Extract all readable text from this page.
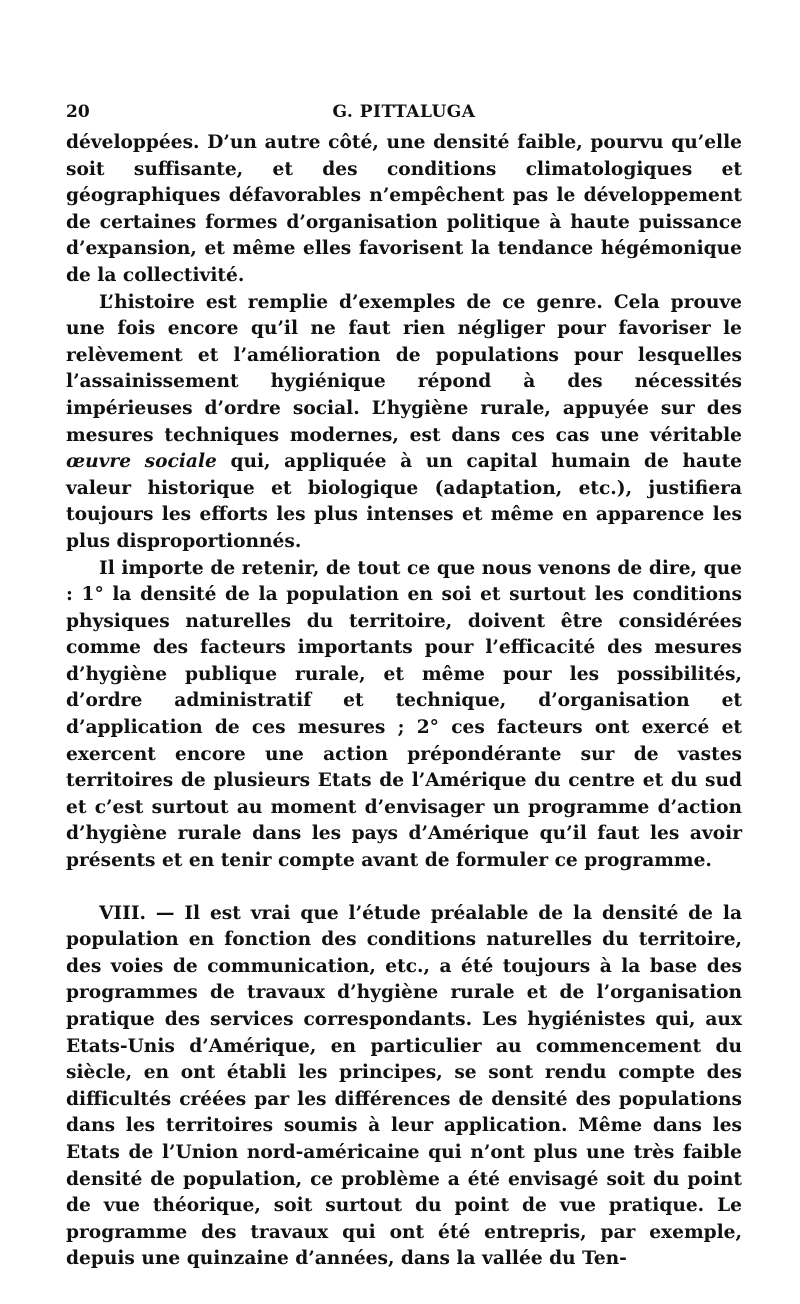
20	G. PITTALUGA

développées. D’un autre côté, une densité faible, pourvu qu’elle soit suffisante, et des conditions climatologiques et géographiques défavorables n’empêchent pas le développement de certaines formes d’organisation politique à haute puissance d’expansion, et même elles favorisent la tendance hégémonique de la collectivité.

L’histoire est remplie d’exemples de ce genre. Cela prouve une fois encore qu’il ne faut rien négliger pour favoriser le relèvement et l’amélioration de populations pour lesquelles l’assainissement hygiénique répond à des nécessités impérieuses d’ordre social. L’hygiène rurale, appuyée sur des mesures techniques modernes, est dans ces cas une véritable œuvre sociale qui, appliquée à un capital humain de haute valeur historique et biologique (adaptation, etc.), justifiera toujours les efforts les plus intenses et même en apparence les plus disproportionnés.

Il importe de retenir, de tout ce que nous venons de dire, que : 1° la densité de la population en soi et surtout les conditions physiques naturelles du territoire, doivent être considérées comme des facteurs importants pour l’efficacité des mesures d’hygiène publique rurale, et même pour les possibilités, d’ordre administratif et technique, d’organisation et d’application de ces mesures ; 2° ces facteurs ont exercé et exercent encore une action prépondérante sur de vastes territoires de plusieurs Etats de l’Amérique du centre et du sud et c’est surtout au moment d’envisager un programme d’action d’hygiène rurale dans les pays d’Amérique qu’il faut les avoir présents et en tenir compte avant de formuler ce programme.

VIII. — Il est vrai que l’étude préalable de la densité de la population en fonction des conditions naturelles du territoire, des voies de communication, etc., a été toujours à la base des programmes de travaux d’hygiène rurale et de l’organisation pratique des services correspondants. Les hygiénistes qui, aux Etats-Unis d’Amérique, en particulier au commencement du siècle, en ont établi les principes, se sont rendu compte des difficultés créées par les différences de densité des populations dans les territoires soumis à leur application. Même dans les Etats de l’Union nord-américaine qui n’ont plus une très faible densité de population, ce problème a été envisagé soit du point de vue théorique, soit surtout du point de vue pratique. Le programme des travaux qui ont été entrepris, par exemple, depuis une quinzaine d’années, dans la vallée du Ten-
